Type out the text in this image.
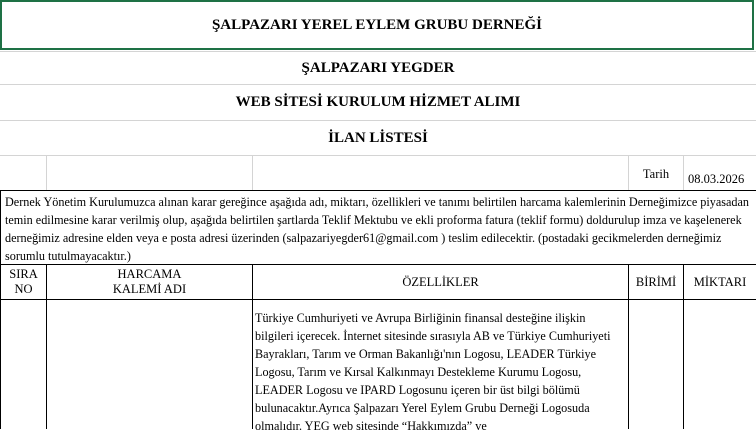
ŞALPAZARI YEREL EYLEM GRUBU DERNEĞİ
ŞALPAZARI YEGDER
WEB SİTESİ KURULUM HİZMET ALIMI
İLAN LİSTESİ
Tarih	08.03.2026
Dernek Yönetim Kurulumuzca alınan karar gereğince aşağıda adı, miktarı, özellikleri ve tanımı belirtilen harcama kalemlerinin Derneğimizce piyasadan temin edilmesine karar verilmiş olup, aşağıda belirtilen şartlarda Teklif Mektubu ve ekli proforma fatura (teklif formu) doldurulup imza ve kaşelenerek derneğimiz adresine elden veya e posta adresi üzerinden (salpazariyegder61@gmail.com ) teslim edilecektir. (postadaki gecikmelerden derneğimiz sorumlu tutulmayacaktır.)
SIRA
NO
HARCAMA
KALEMİ ADI
ÖZELLİKLER	BİRİMİ MİKTARI
Türkiye Cumhuriyeti ve Avrupa Birliğinin finansal desteğine ilişkin bilgileri içerecek. İnternet sitesinde sırasıyla AB ve Türkiye Cumhuriyeti Bayrakları, Tarım ve Orman Bakanlığı'nın Logosu, LEADER Türkiye Logosu, Tarım ve Kırsal Kalkınmayı Destekleme Kurumu Logosu, LEADER Logosu ve IPARD Logosunu içeren bir üst bilgi bölümü bulunacaktır.Ayrıca Şalpazarı Yerel Eylem Grubu Derneği Logosuda olmalıdır. YEG web sitesinde “Hakkımızda” ve
